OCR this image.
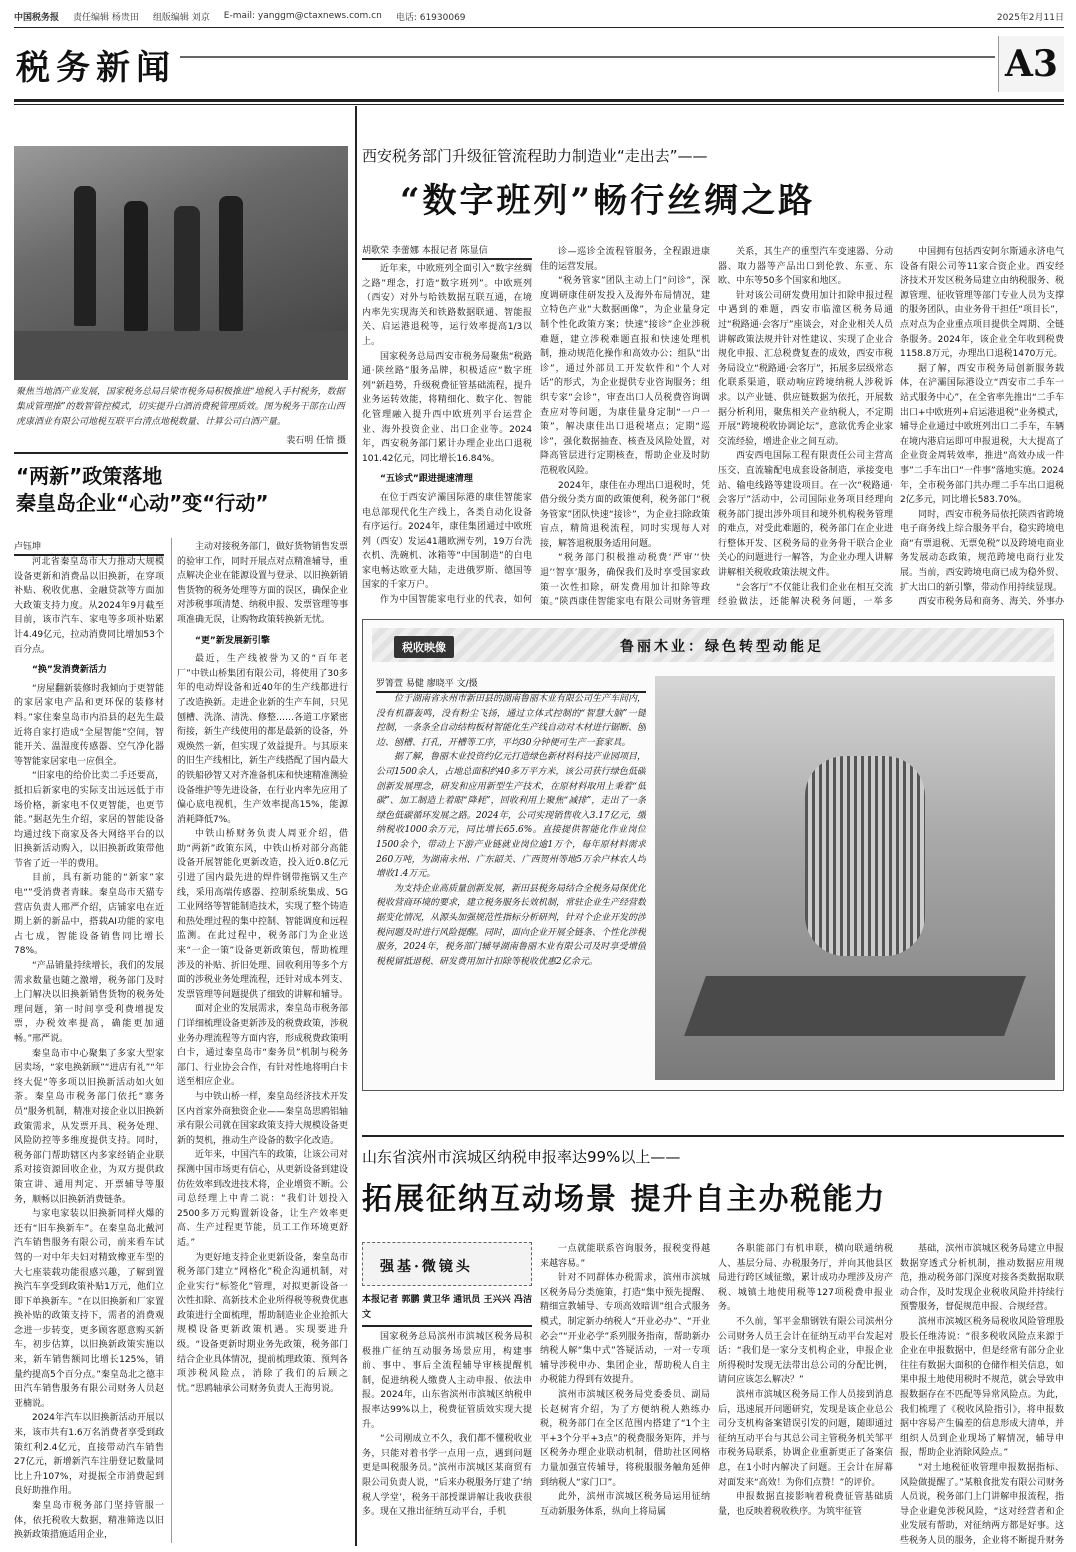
中国税务报 责任编辑 杨贵田 组版编辑 刘京 E-mail: yanggm@ctaxnews.com.cn 电话: 61930069	2025年2月11日
税务新闻	A3
聚焦当地酒产业发展，国家税务总局吕梁市税务局积极推进“地税入手村税务，数据集成管理推”的数智管控模式，切实提升白酒消费税管理质效。图为税务干部在山西虎康酒业有限公司地税互联平台清点地税数量、计算公司白酒产量。
裴石明 任愔 摄
“两新”政策落地
秦皇岛企业“心动”变“行动”
卢钰坤

河北省秦皇岛市大力推动大规模设备更新和消费品以旧换新，在穿项补贴、税收优惠、金融贷款等方面加大政策支持力度。从2024年9月截至目前，该市汽车、家电等多项补贴累计4.49亿元，拉动消费同比增加53个百分点。

“换”发消费新活力

“房屋翻新装修时我倾向于更智能的家居家电产品和更环保的装修材料。”家住秦皇岛市内沿县的赵先生最近将自家打造成“全屋智能”空间，智能开关、温湿度传感器、空气净化器等智能家居家电一应俱全。

“旧家电的给价比卖二手还要高，抵扣后新家电的实际支出远远低于市场价格，新家电不仅更智能，也更节能。”据赵先生介绍，家居的智能设备均通过线下商家及各大网络平台的以旧换新活动购入，以旧换新政策带他节省了近一半的费用。

目前，具有新功能的“新家”家电“”受消费者青睐。秦皇岛市天猫专营店负责人邢严介绍，店铺家电在近期上新的新品中，搭载AI功能的家电占七成，智能设备销售同比增长78%。

“产品销量持续增长，我们的发展需求数量也随之激增，税务部门及时上门解决以旧换新销售货物的税务处理问题，第一时间享受利费增提发票，办税效率提高，确能更加通畅。”邢严说。

秦皇岛市中心聚集了多家大型家居卖场，“家电换新顾”“进店有礼”“年终大促”等多项以旧换新活动如火如荼。秦皇岛市税务部门依托“寨务员”服务机制，精准对接企业以旧换新政策需求，从发票开具、税务处理、风险防控等多维度提供支持。同时，税务部门帮助辖区内多家经销企业联系对接资源回收企业，为双方提供政策宣讲、通用判定、开票辅导等服务，顺畅以旧换新消费链条。

与家电家装以旧换新同样火爆的还有“旧车换新车”。在秦皇岛北戴河汽车销售服务有限公司，前来看车试驾的一对中年夫妇对精致橡亚车型的大七座装载功能很感兴趣，了解到置换汽车享受到政策补贴1万元，他们立即下单换新车。“在以旧换新和厂家置换补贴的政策支持下，需者的消费观念进一步转变，更多顾客愿意购买新车，初步估算，以旧换新政策实施以来，新车销售额同比增长125%，销量约提高5个百分点。”秦皇岛北之德丰田汽车销售服务有限公司财务人员赵亚楠说。

2024年汽车以旧换新活动开展以来，该市共有1.6万名消费者享受到政策红利2.4亿元，直接带动汽车销售27亿元，新增新汽车注册登记数量同比上升107%，对提振全市消费起到良好助推作用。

秦皇岛市税务部门坚持管服一体，依托税收大数据，精准筛选以旧换新政策措施适用企业，

主动对接税务部门，做好货物销售发票的验审工作，同时开展点对点精准辅导，重点解决企业在能源设置与登录、以旧换新销售货物的税务处理等方面的误区，确保企业对涉税事项清楚、纳税申报、发票管理等事项准确无误，让购物政策转换新无忧。

“更”新发展新引擎

最近，生产线被誉为又的“百年老厂”中铁山桥集团有限公司，将使用了30多年的电动焊设备和近40年的生产线都进行了改造换新。走进企业新的生产车间，只见刨槽、洗涤、清洗、修整……各道工序紧密衔接，新生产线使用的都是最新的设备，外观焕然一新，但实现了效益提升。与其原来的旧生产线相比，新生产线搭配了国内最大的铁船砂智又对齐准备机床和快速精准测验设备维护等先进设备，在行业内率先应用了偏心底电视机，生产效率提高15%，能源消耗降低7%。

中铁山桥财务负责人周亚介绍，借助“两新”政策东风，中铁山桥对部分高能设备开展智能化更新改造，投入近0.8亿元引进了国内最先进的焊件钢带拖锅又生产线，采用高端传感器、控制系统集成、5G工业网络等智能制造技术，实现了整个铸造和热处理过程的集中控制、智能调度和远程监测。在此过程中，税务部门为企业送来“一企一策”设备更新政策包，帮助梳理涉及的补贴、折旧处理、回收利用等多个方面的涉税业务处理流程，还针对成本列支、发票管理等问题提供了细致的讲解和辅导。

面对企业的发展需求，秦皇岛市税务部门详细梳理设备更新涉及的税费政策，涉税业务办理流程等方面内容，形成税费政策明白卡，通过秦皇岛市“秦务员”机制与税务部门、行业协会合作，有针对性地将明白卡送至相应企业。

与中铁山桥一样，秦皇岛经济技术开发区内首家外商独资企业——秦皇岛思鸥铝轴承有限公司就在国家政策支持大规模设备更新的契机，推动生产设备的数字化改造。

近年来，中国汽车的政策，让该公司对探测中国市场更有信心，从更新设备到建设仿佐效率到改进技术将，企业增资不断。公司总经理上中青二说：“我们计划投入2500多万元购置新设备，让生产效率更高、生产过程更节能，员工工作环境更舒适。”

为更好地支持企业更新设备，秦皇岛市税务部门建立“网格化”税企沟通机制，对企业实行“标签化”管理，对拟更新设备一次性扣除、高新技术企业所得税等税费优惠政策进行全面梳理，帮助制造业企业抢抓大规模设备更新政策机遇。实现要进升级。“设备更新时期业务先政策，税务部门结合企业具体情况，提前梳理政策、预判各项涉税风险点，消除了我们的后顾之忧。”思鸥轴承公司财务负责人王海男说。

西安税务部门升级征管流程助力制造业“走出去”——
“数字班列”畅行丝绸之路
胡歌荣 李蕾娜 本报记者 陈显信

近年来，中欧班列全面引入“数字丝绸之路”理念，打造“数字班列”。中欧班列（西安）对外与哈铁数据互联互通，在境内率先实现海关和铁路数据联通、智能报关、启运港退税等，运行效率提高1/3以上。

国家税务总局西安市税务局聚焦“税路通·陕丝路”服务品牌，积极适应“数字班列”新趋势，升级税费征管基础流程，提升业务运转效能，将精细化、数字化、智能化管理融入提升西中欧班列平台运营企业、海外投资企业、出口企业等。2024年，西安税务部门累计办理企业出口退税101.42亿元，同比增长16.84%。

“五诊式”跟进提速清理

在位于西安浐灞国际港的康佳智能家电总部现代化生产线上，各类自动化设备有序运行。2024年，康佳集团通过中欧班列（西安）发运41趟欧洲专列，19万台洗衣机、洗碗机、冰箱等“中国制造”的白电家电畅达欧亚大陆，走进俄罗斯、德国等国家的千家万户。

作为中国智能家电行业的代表，如何

诊—巡诊全流程管服务，全程跟进康佳的运营发展。

“税务管家”团队主动上门“问诊”，深度调研康佳研发投入及海外布局情况，建立特色产业“大数据画像”，为企业量身定制个性化政策方案；快速“接诊”企业涉税难题，建立涉税难题直报和快速处理机制，推动规范化操作和高效办公；组队“出诊”，通过外部员工开发软件和“个人对话”的形式，为企业提供专业咨询服务；组织专家“会诊”，审查出口人员税费咨询调查应对等问题，为康佳量身定制“一户一策”，解决康佳出口退税堵点；定期“巡诊”，强化数据抽查、核查及风险处置，对降高管层进行定期核查，帮助企业及时防范税收风险。

2024年，康佳在办理出口退税时，凭借分级分类方面的政策便利，税务部门“税务管家”团队快速“接诊”，为企业扫除政策盲点，精简退税流程，同时实现每人对接，解答退税服务适用问题。

“税务部门积极推动税费‘严审’‘快退’‘智享’服务，确保我们及时享受国家政策一次性扣除，研发费用加计扣除等政策。”陕西康佳智能家电有限公司财务管理

关系，其生产的重型汽车变速器、分动器、取力器等产品出口到伦敦、东亚、东欧、中东等50多个国家和地区。

针对该公司研发费用加计扣除申报过程中遇到的难题，西安市临潼区税务局通过“税路通·会客厅”座谈会，对企业相关人员讲解政策法规并针对性建议、实现了企业合规化申报、汇总税费复查的成效，西安市税务局设立“税路通·会客厅”，拓展多层级常态化联系渠道，联动响应跨境纳税人涉税诉求。以产业链、供应链数据为依托，开展数据分析利用，聚焦相关产业纳税人，不定期开展“跨境税收协调论坛”，意欲优秀企业家交流经验，增进企业之间互动。

西安西电国际工程有限责任公司主营高压交、直流输配电成套设备制造，承接变电站、输电线路等建设项目。在一次“税路通·会客厅”活动中，公司国际业务项目经理向税务部门提出涉外项目和境外机构税务管理的难点，对受此难题的，税务部门在企业进行整体开发、区税务局的业务骨干联合企业关心的问题进行一解答，为企业办理人讲解讲解相关税收政策法规文件。

“会客厅”不仅能让我们企业在相互交流经验做法，还能解决税务问题，一举多

中国拥有包括西安阿尔斯通永济电气设备有限公司等11家合资企业。西安经济技术开发区税务局建立由纳税服务、税源管理、征收管理等部门专业人员为支撑的服务团队，由业务骨干担任“项目长”，点对点为企业重点项目提供全周期、全链条服务。2024年，该企业全年收到税费1158.8万元，办理出口退税1470万元。

据了解，西安市税务局创新服务载体，在浐灞国际港设立“西安市二手车一站式服务中心”，在全省率先推出“二手车出口+中欧班列+启运港退税”业务模式，辅导企业通过中欧班列出口二手车，车辆在境内港启运即可申报退税，大大提高了企业资金周转效率，推进“高效办成一件事”二手车出口“一件事”落地实施。2024年，全市税务部门共办理二手车出口退税2亿多元，同比增长583.70%。

同时，西安市税务局依托陕西省跨境电子商务线上综合服务平台，稳实跨境电商“有票退税、无票免税”以及跨境电商业务发展动态政策，规范跨境电商行业发展。当前，西安跨境电商已成为稳外贸、扩大出口的新引擎，带动作用持续显现。

西安市税务局和商务、海关、外事办

税收映像	鲁丽木业：绿色转型动能足
罗箐萱 易健 廖晓平 文/摄

位于湖南省永州市新田县的湖南鲁丽木业有限公司生产车间内，没有机器轰鸣，没有粉尘飞扬，通过立体式控制的“智慧大脑”一键控制，一条条全自动结构板材智能化生产线自动对木材进行锯断、刨边、刨槽、打孔，开槽等工序，平均30分钟便可生产一套家具。

据了解，鲁丽木业投资约亿元打造绿色新材料科技产业园项目，公司1500余人，占地总面积约40多万平方米，该公司获行绿色低碳创新发展理念，研发和应用新型生产技术，在原材料取用上秉着“低碳”、加工制造上着眼“降耗”，回收利用上聚焦“减排”，走出了一条绿色低碳循环发展之路。2024年，公司实现销售收入3.17亿元，缴纳税收1000余万元，同比增长65.6%。直接提供智能化作业岗位1500余个，带动上下游产业链就业岗位逾1万个，每年原材料需求260万吨，为湖南永州、广东韶关、广西贺州等地5万余户林农人均增收1.4万元。

为支持企业高质量创新发展，新田县税务局结合全税务局保优化税收营商环境的要求，建立税务服务长效机制，常驻企业生产经营数据变化情况，从源头加强规范性指标分析研判，针对个企业开发的涉税问题及时进行风险提醒。同时，面向企业开展全链条、个性化涉税服务，2024年，税务部门辅导湖南鲁丽木业有限公司及时享受增值税税留抵退税、研发费用加计扣除等税收优惠2亿余元。

山东省滨州市滨城区纳税申报率达99%以上——
拓展征纳互动场景 提升自主办税能力
强基·微镜头
本报记者 郭鹏 黄卫华 通讯员 王兴兴 冯洁文

国家税务总局滨州市滨城区税务局积极推广征纳互动服务场景应用，构建事前、事中、事后全流程辅导审核提醒机制，促进纳税人缴费人主动申报、依法申报。2024年，山东省滨州市滨城区纳税申报率达99%以上，税费征管质效实现大提升。

“公司刚成立不久，我们都不懂税收业务，只能对着书学一点用一点，遇到问题更是叫税服务员。”滨州市滨城区某商贸有限公司负责人说，“后来办税服务厅建了‘纳税人学堂’，税务干部授课讲解让我收获很多。现在又推出征纳互动平台，手机

一点就能联系咨询服务，报税变得越来越容易。”

针对不同群体办税需求，滨州市滨城区税务局分类施策，打造“集中预先提醒、精细宣教辅导、专项高效暗训”组合式服务模式，制定新办纳税人“开业必办”、“开业必会”“开业必学”系列服务指南，帮助新办纳税人解“集中式”答疑活动，一对一专项辅导涉税申办、集团企业，帮助税人自主办税能力得到有效提升。

滨州市滨城区税务局党委委员、副局长赵树宵介绍，为了方便纳税人熟练办税，税务部门在全区范围内搭建了“1个主平+3个分平+3点”的税费服务矩阵，并与区税务办理企业联动机制，借助社区网格力量加强宣传辅导，将税服服务触角延伸到纳税人“家门口”。

此外，滨州市滨城区税务局运用征纳互动新服务体系，纵向上将局属

各职能部门有机串联，横向联通纳税人、基层分局、办税服务厅，并向其他县区局进行跨区域征缴，累计成功办理涉及房产税、城镇土地使用税等127项税费申报业务。

不久前，邹平金鼎钢铁有限公司滨州分公司财务人员王会计在征纳互动平台发起对话：“我们是一家分支机构企业，申报企业所得税时发现无法带出总公司的分配比例，请问应该怎么解决？”

滨州市滨城区税务局工作人员接到消息后，迅速展开问题研究，发现是该企业总公司分支机构备案错误引发的问题，随即通过征纳互动平台与其总公司主管税务机关邹平市税务局联系，协调企业重新更正了备案信息，在1小时内解决了问题。王会计在屏幕对面发来“高效！为你们点赞！”的评价。

申报数据直接影响着税费征管基础质量，也反映着税收秩序。为筑牢征管

基础，滨州市滨城区税务局建立申报数据穿透式分析机制，推动数据应用规范，推动税务部门深度对接各类数据取联动合作，及时发现企业税收风险并持续行预警服务，督促规范申报、合规经营。

滨州市滨城区税务局税收风险管理股股长任维涛说：“很多税收风险点来源于企业在申报数据中，但是经常有部分企业往往有数据大面积的仓储作相关信息，如果申报土地使用税时不规范，就会导致申报数据存在不匹配等异常风险点。为此，我们梳理了《税收风险指引》，将申报数据中容易产生偏差的信息形成大清单，并组织人员到企业现场了解情况，辅导申报，帮助企业消除风险点。”

“对土地税征收管理申报数据指标、风险做提醒了。”某粮食批发有限公司财务人员说，税务部门上门讲解申报流程，指导企业避免涉税风险，“这对经营者和企业发展有帮助，对征纳两方都是好事。这些税务人员的服务，企业将不断提升财务
